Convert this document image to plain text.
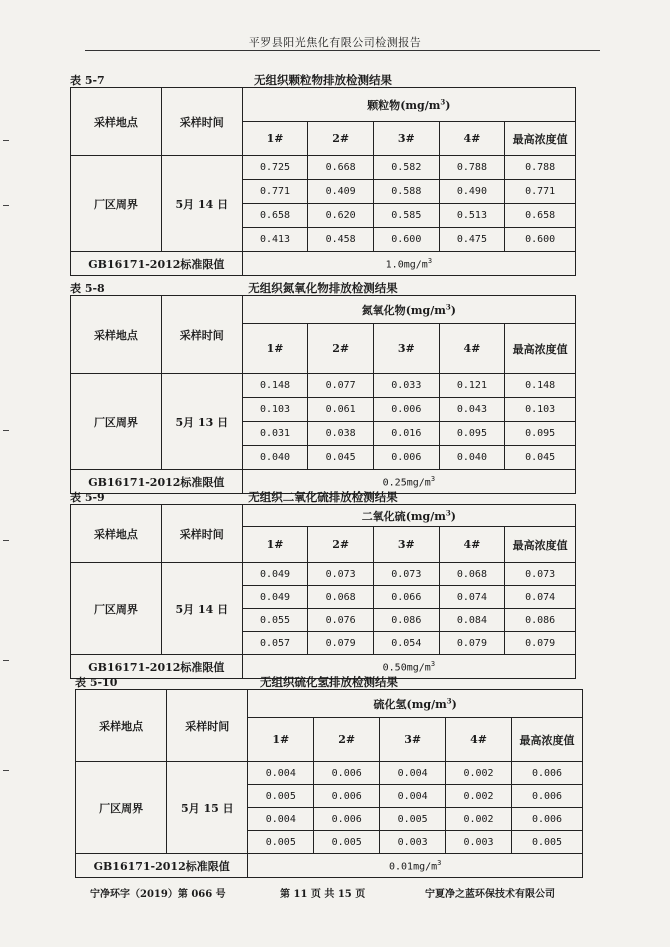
平罗县阳光焦化有限公司检测报告
表 5-7	无组织颗粒物排放检测结果
采样地点	采样时间	颗粒物$(mg/m^3)$				
		1#	2#	3#	4#	最高浓度值
厂区周界	5月 14 日	0.725	0.668	0.582	0.788	0.788
		0.771	0.409	0.588	0.490	0.771
		0.658	0.620	0.585	0.513	0.658
		0.413	0.458	0.600	0.475	0.600
GB16171-2012标准限值		$1.0mg/m^3$
表 5-8	无组织氮氧化物排放检测结果
采样地点	采样时间	氮氧化物$(mg/m^3)$				
		1#	2#	3#	4#	最高浓度值
厂区周界	5月 13 日	0.148	0.077	0.033	0.121	0.148
		0.103	0.061	0.006	0.043	0.103
		0.031	0.038	0.016	0.095	0.095
		0.040	0.045	0.006	0.040	0.045
GB16171-2012标准限值		$0.25mg/m^3$
表 5-9	无组织二氧化硫排放检测结果
采样地点	采样时间	二氧化硫$(mg/m^3)$				
		1#	2#	3#	4#	最高浓度值
厂区周界	5月 14 日	0.049	0.073	0.073	0.068	0.073
		0.049	0.068	0.066	0.074	0.074
		0.055	0.076	0.086	0.084	0.086
		0.057	0.079	0.054	0.079	0.079
GB16171-2012标准限值		$0.50mg/m^3$
表 5-10	无组织硫化氢排放检测结果
采样地点	采样时间	硫化氢$(mg/m^3)$				
		1#	2#	3#	4#	最高浓度值
厂区周界	5月 15 日	0.004	0.006	0.004	0.002	0.006
		0.005	0.006	0.004	0.002	0.006
		0.004	0.006	0.005	0.002	0.006
		0.005	0.005	0.003	0.003	0.005
GB16171-2012标准限值		$0.01mg/m^3$
宁净环字（2019）第 066 号	第 11 页 共 15 页	宁夏净之蓝环保技术有限公司
